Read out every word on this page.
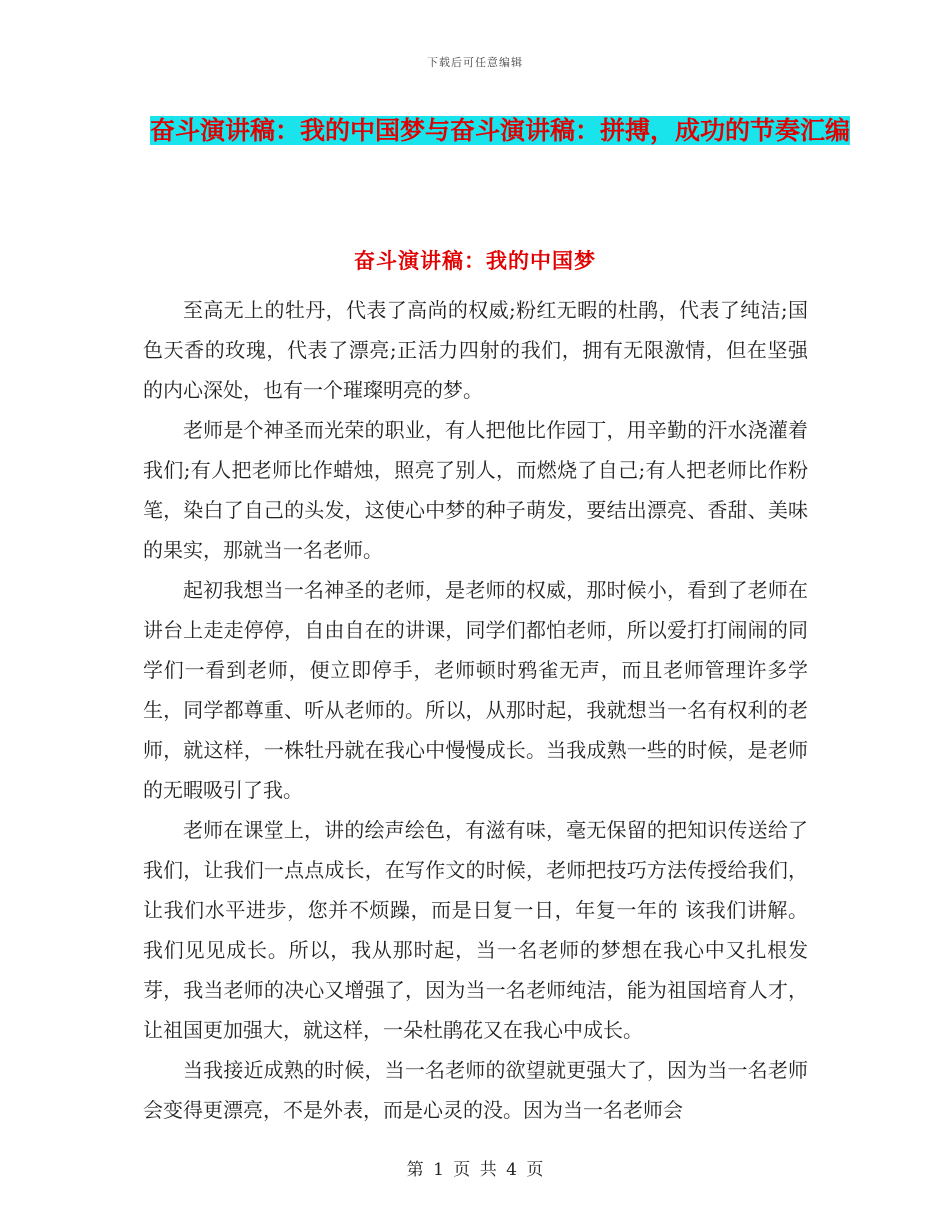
下载后可任意编辑
奋斗演讲稿：我的中国梦与奋斗演讲稿：拼搏，成功的节奏汇编
奋斗演讲稿：我的中国梦

至高无上的牡丹，代表了高尚的权威;粉红无暇的杜鹃，代表了纯洁;国色天香的玫瑰，代表了漂亮;正活力四射的我们，拥有无限激情，但在坚强的内心深处，也有一个璀璨明亮的梦。

老师是个神圣而光荣的职业，有人把他比作园丁，用辛勤的汗水浇灌着我们;有人把老师比作蜡烛，照亮了别人，而燃烧了自己;有人把老师比作粉笔，染白了自己的头发，这使心中梦的种子萌发，要结出漂亮、香甜、美味的果实，那就当一名老师。

起初我想当一名神圣的老师，是老师的权威，那时候小，看到了老师在讲台上走走停停，自由自在的讲课，同学们都怕老师，所以爱打打闹闹的同学们一看到老师，便立即停手，老师顿时鸦雀无声，而且老师管理许多学生，同学都尊重、听从老师的。所以，从那时起，我就想当一名有权利的老师，就这样，一株牡丹就在我心中慢慢成长。当我成熟一些的时候，是老师的无暇吸引了我。

老师在课堂上，讲的绘声绘色，有滋有味，毫无保留的把知识传送给了我们，让我们一点点成长，在写作文的时候，老师把技巧方法传授给我们，让我们水平进步，您并不烦躁，而是日复一日，年复一年的 该我们讲解。我们见见成长。所以，我从那时起，当一名老师的梦想在我心中又扎根发芽，我当老师的决心又增强了，因为当一名老师纯洁，能为祖国培育人才，让祖国更加强大，就这样，一朵杜鹃花又在我心中成长。

当我接近成熟的时候，当一名老师的欲望就更强大了，因为当一名老师会变得更漂亮，不是外表，而是心灵的没。因为当一名老师会

第 1 页 共 4 页
